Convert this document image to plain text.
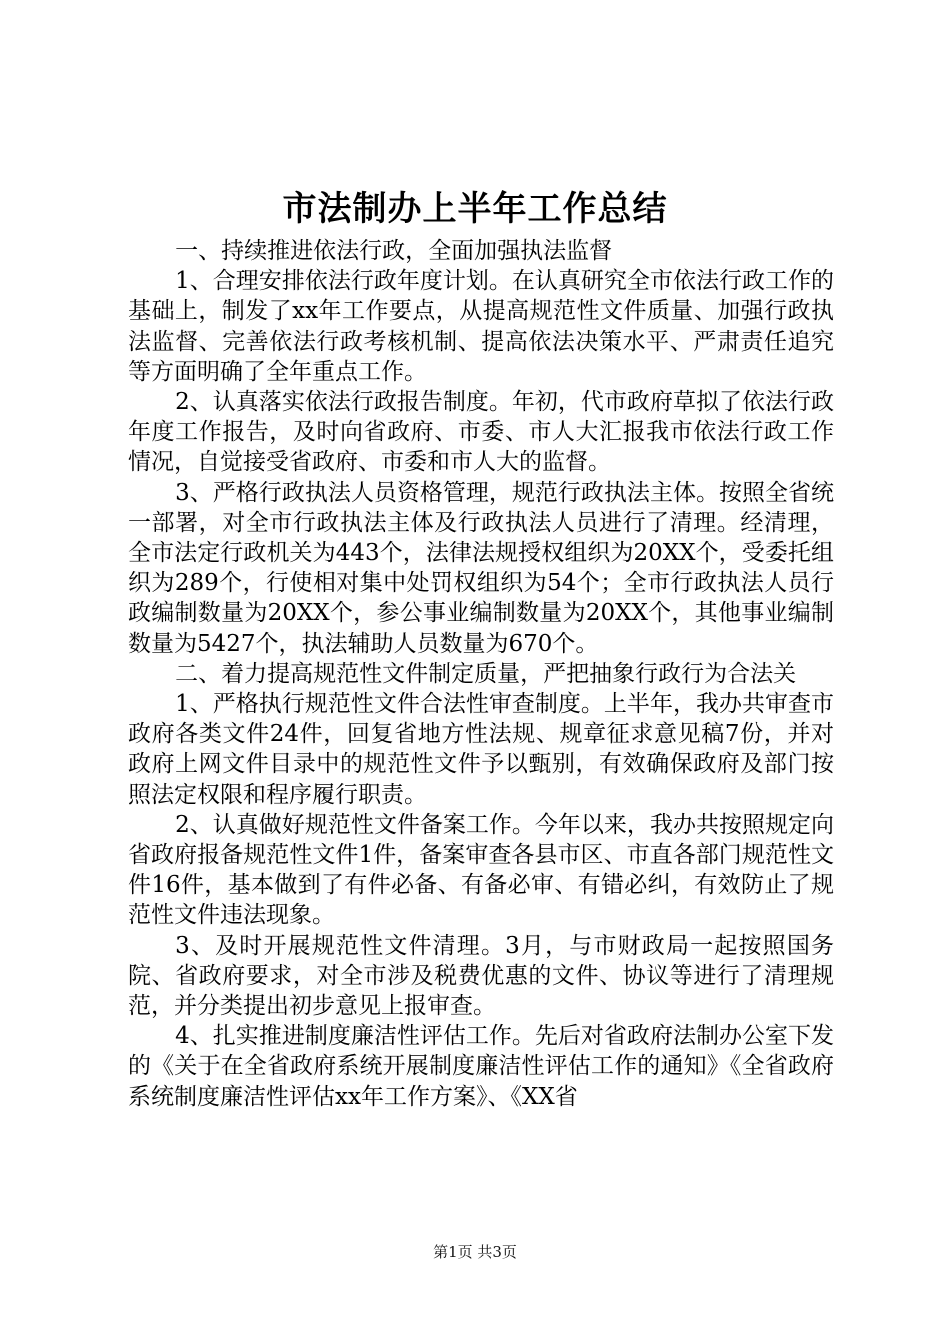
市法制办上半年工作总结

一、持续推进依法行政，全面加强执法监督

1、合理安排依法行政年度计划。在认真研究全市依法行政工作的基础上，制发了xx年工作要点，从提高规范性文件质量、加强行政执法监督、完善依法行政考核机制、提高依法决策水平、严肃责任追究等方面明确了全年重点工作。

2、认真落实依法行政报告制度。年初，代市政府草拟了依法行政年度工作报告，及时向省政府、市委、市人大汇报我市依法行政工作情况，自觉接受省政府、市委和市人大的监督。

3、严格行政执法人员资格管理，规范行政执法主体。按照全省统一部署，对全市行政执法主体及行政执法人员进行了清理。经清理，全市法定行政机关为443个，法律法规授权组织为20XX个，受委托组织为289个，行使相对集中处罚权组织为54个；全市行政执法人员行政编制数量为20XX个，参公事业编制数量为20XX个，其他事业编制数量为5427个，执法辅助人员数量为670个。

二、着力提高规范性文件制定质量，严把抽象行政行为合法关

1、严格执行规范性文件合法性审查制度。上半年，我办共审查市政府各类文件24件，回复省地方性法规、规章征求意见稿7份，并对政府上网文件目录中的规范性文件予以甄别，有效确保政府及部门按照法定权限和程序履行职责。

2、认真做好规范性文件备案工作。今年以来，我办共按照规定向省政府报备规范性文件1件，备案审查各县市区、市直各部门规范性文件16件，基本做到了有件必备、有备必审、有错必纠，有效防止了规范性文件违法现象。

3、及时开展规范性文件清理。3月，与市财政局一起按照国务院、省政府要求，对全市涉及税费优惠的文件、协议等进行了清理规范，并分类提出初步意见上报审查。

4、扎实推进制度廉洁性评估工作。先后对省政府法制办公室下发的《关于在全省政府系统开展制度廉洁性评估工作的通知》《全省政府系统制度廉洁性评估xx年工作方案》、《XX省

第1页 共3页
